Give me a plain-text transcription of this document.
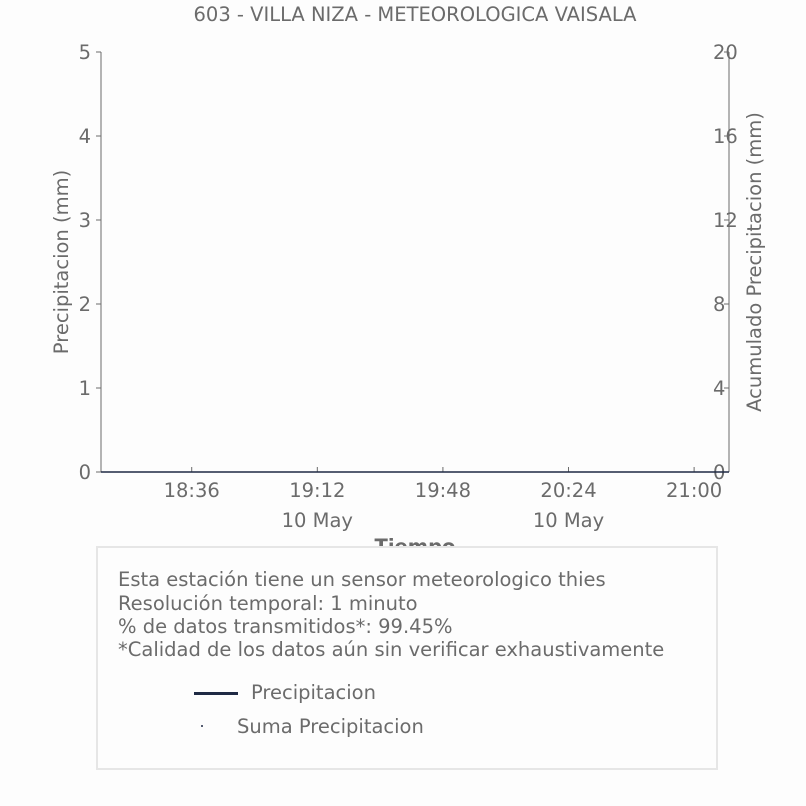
603 - VILLA NIZA - METEOROLOGICA VAISALA
0
1
2
3
4
5
0
4
8
12
16
20
18:36	19:12	19:48	20:24	21:00
10 May	10 May
Precipitacion (mm)	Acumulado Precipitacion (mm)
Esta estación tiene un sensor meteorologico thies
Resolución temporal: 1 minuto
% de datos transmitidos*: 99.45%
*Calidad de los datos aún sin verificar exhaustivamente
Precipitacion
Suma Precipitacion
